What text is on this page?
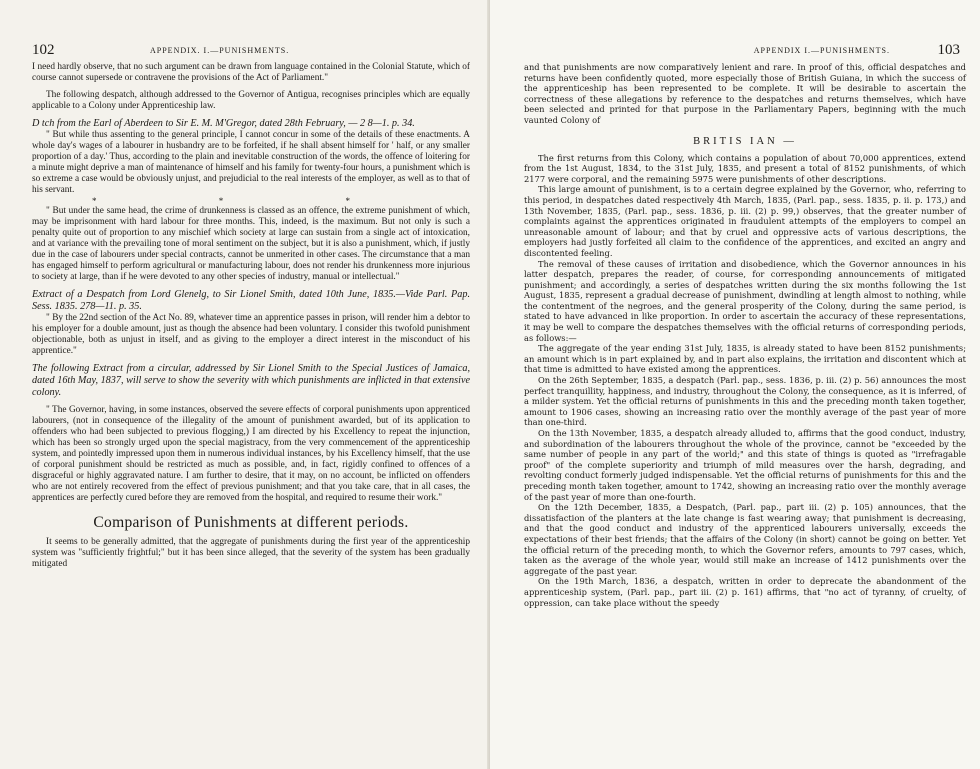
102	APPENDIX. I.—PUNISHMENTS.

I need hardly observe, that no such argument can be drawn from language contained in the Colonial Statute, which of course cannot supersede or contravene the provisions of the Act of Parliament."

The following despatch, although addressed to the Governor of Antigua, recognises principles which are equally applicable to a Colony under Apprenticeship law.

D tch from the Earl of Aberdeen to Sir E. M. M'Gregor, dated 28th February, — 2 8—1. p. 34.

" But while thus assenting to the general principle, I cannot concur in some of the details of these enactments. A whole day's wages of a labourer in husbandry are to be forfeited, if he shall absent himself for ' half, or any smaller proportion of a day.' Thus, according to the plain and inevitable construction of the words, the offence of loitering for a minute might deprive a man of maintenance of himself and his family for twenty-four hours, a punishment which is so extreme a case would be obviously unjust, and prejudicial to the real interests of the employer, as well as to that of his servant.

* * *

" But under the same head, the crime of drunkenness is classed as an offence, the extreme punishment of which, may be imprisonment with hard labour for three months. This, indeed, is the maximum. But not only is such a penalty quite out of proportion to any mischief which society at large can sustain from a single act of intoxication, and at variance with the prevailing tone of moral sentiment on the subject, but it is also a punishment, which, if justly due in the case of labourers under special contracts, cannot be unmerited in other cases. The circumstance that a man has engaged himself to perform agricultural or manufacturing labour, does not render his drunkenness more injurious to society at large, than if he were devoted to any other species of industry, manual or intellectual."

Extract of a Despatch from Lord Glenelg, to Sir Lionel Smith, dated 10th June, 1835.—Vide Parl. Pap. Sess. 1835. 278—11. p. 35.

" By the 22nd section of the Act No. 89, whatever time an apprentice passes in prison, will render him a debtor to his employer for a double amount, just as though the absence had been voluntary. I consider this twofold punishment objectionable, both as unjust in itself, and as giving to the employer a direct interest in the misconduct of his apprentice."

The following Extract from a circular, addressed by Sir Lionel Smith to the Special Justices of Jamaica, dated 16th May, 1837, will serve to show the severity with which punishments are inflicted in that extensive colony.

" The Governor, having, in some instances, observed the severe effects of corporal punishments upon apprenticed labourers, (not in consequence of the illegality of the amount of punishment awarded, but of its application to offenders who had been subjected to previous flogging,) I am directed by his Excellency to repeat the injunction, which has been so strongly urged upon the special magistracy, from the very commencement of the apprenticeship system, and pointedly impressed upon them in numerous individual instances, by his Excellency himself, that the use of corporal punishment should be restricted as much as possible, and, in fact, rigidly confined to offences of a disgraceful or highly aggravated nature. I am further to desire, that it may, on no account, be inflicted on offenders who are not entirely recovered from the effect of previous punishment; and that you take care, that in all cases, the apprentices are perfectly cured before they are removed from the hospital, and required to resume their work."

Comparison of Punishments at different periods.

It seems to be generally admitted, that the aggregate of punishments during the first year of the apprenticeship system was "sufficiently frightful;" but it has been since alleged, that the severity of the system has been gradually mitigated

APPENDIX I.—PUNISHMENTS.	103

and that punishments are now comparatively lenient and rare. In proof of this, official despatches and returns have been confidently quoted, more especially those of British Guiana, in which the success of the apprenticeship has been represented to be complete. It will be desirable to ascertain the correctness of these allegations by reference to the despatches and returns themselves, which have been selected and printed for that purpose in the Parliamentary Papers, beginning with the much vaunted Colony of

BRITIS IAN —

The first returns from this Colony, which contains a population of about 70,000 apprentices, extend from the 1st August, 1834, to the 31st July, 1835, and present a total of 8152 punishments, of which 2177 were corporal, and the remaining 5975 were punishments of other descriptions.

This large amount of punishment, is to a certain degree explained by the Governor, who, referring to this period, in despatches dated respectively 4th March, 1835, (Parl. pap., sess. 1835, p. ii. p. 173,) and 13th November, 1835, (Parl. pap., sess. 1836, p. iii. (2) p. 99,) observes, that the greater number of complaints against the apprentices originated in fraudulent attempts of the employers to compel an unreasonable amount of labour; and that by cruel and oppressive acts of various descriptions, the employers had justly forfeited all claim to the confidence of the apprentices, and excited an angry and discontented feeling.

The removal of these causes of irritation and disobedience, which the Governor announces in his latter despatch, prepares the reader, of course, for corresponding announcements of mitigated punishment; and accordingly, a series of despatches written during the six months following the 1st August, 1835, represent a gradual decrease of punishment, dwindling at length almost to nothing, while the contentment of the negroes, and the general prosperity of the Colony, during the same period, is stated to have advanced in like proportion. In order to ascertain the accuracy of these representations, it may be well to compare the despatches themselves with the official returns of corresponding periods, as follows:—

The aggregate of the year ending 31st July, 1835, is already stated to have been 8152 punishments; an amount which is in part explained by, and in part also explains, the irritation and discontent which at that time is admitted to have existed among the apprentices.

On the 26th September, 1835, a despatch (Parl. pap., sess. 1836, p. iii. (2) p. 56) announces the most perfect tranquillity, happiness, and industry, throughout the Colony, the consequence, as it is inferred, of a milder system. Yet the official returns of punishments in this and the preceding month taken together, amount to 1906 cases, showing an increasing ratio over the monthly average of the past year of more than one-third.

On the 13th November, 1835, a despatch already alluded to, affirms that the good conduct, industry, and subordination of the labourers throughout the whole of the province, cannot be "exceeded by the same number of people in any part of the world;" and this state of things is quoted as "irrefragable proof" of the complete superiority and triumph of mild measures over the harsh, degrading, and revolting conduct formerly judged indispensable. Yet the official returns of punishments for this and the preceding month taken together, amount to 1742, showing an increasing ratio over the monthly average of the past year of more than one-fourth.

On the 12th December, 1835, a Despatch, (Parl. pap., part iii. (2) p. 105) announces, that the dissatisfaction of the planters at the late change is fast wearing away; that punishment is decreasing, and that the good conduct and industry of the apprenticed labourers universally, exceeds the expectations of their best friends; that the affairs of the Colony (in short) cannot be going on better. Yet the official return of the preceding month, to which the Governor refers, amounts to 797 cases, which, taken as the average of the whole year, would still make an increase of 1412 punishments over the aggregate of the past year.

On the 19th March, 1836, a despatch, written in order to deprecate the abandonment of the apprenticeship system, (Parl. pap., part iii. (2) p. 161) affirms, that "no act of tyranny, of cruelty, of oppression, can take place without the speedy
